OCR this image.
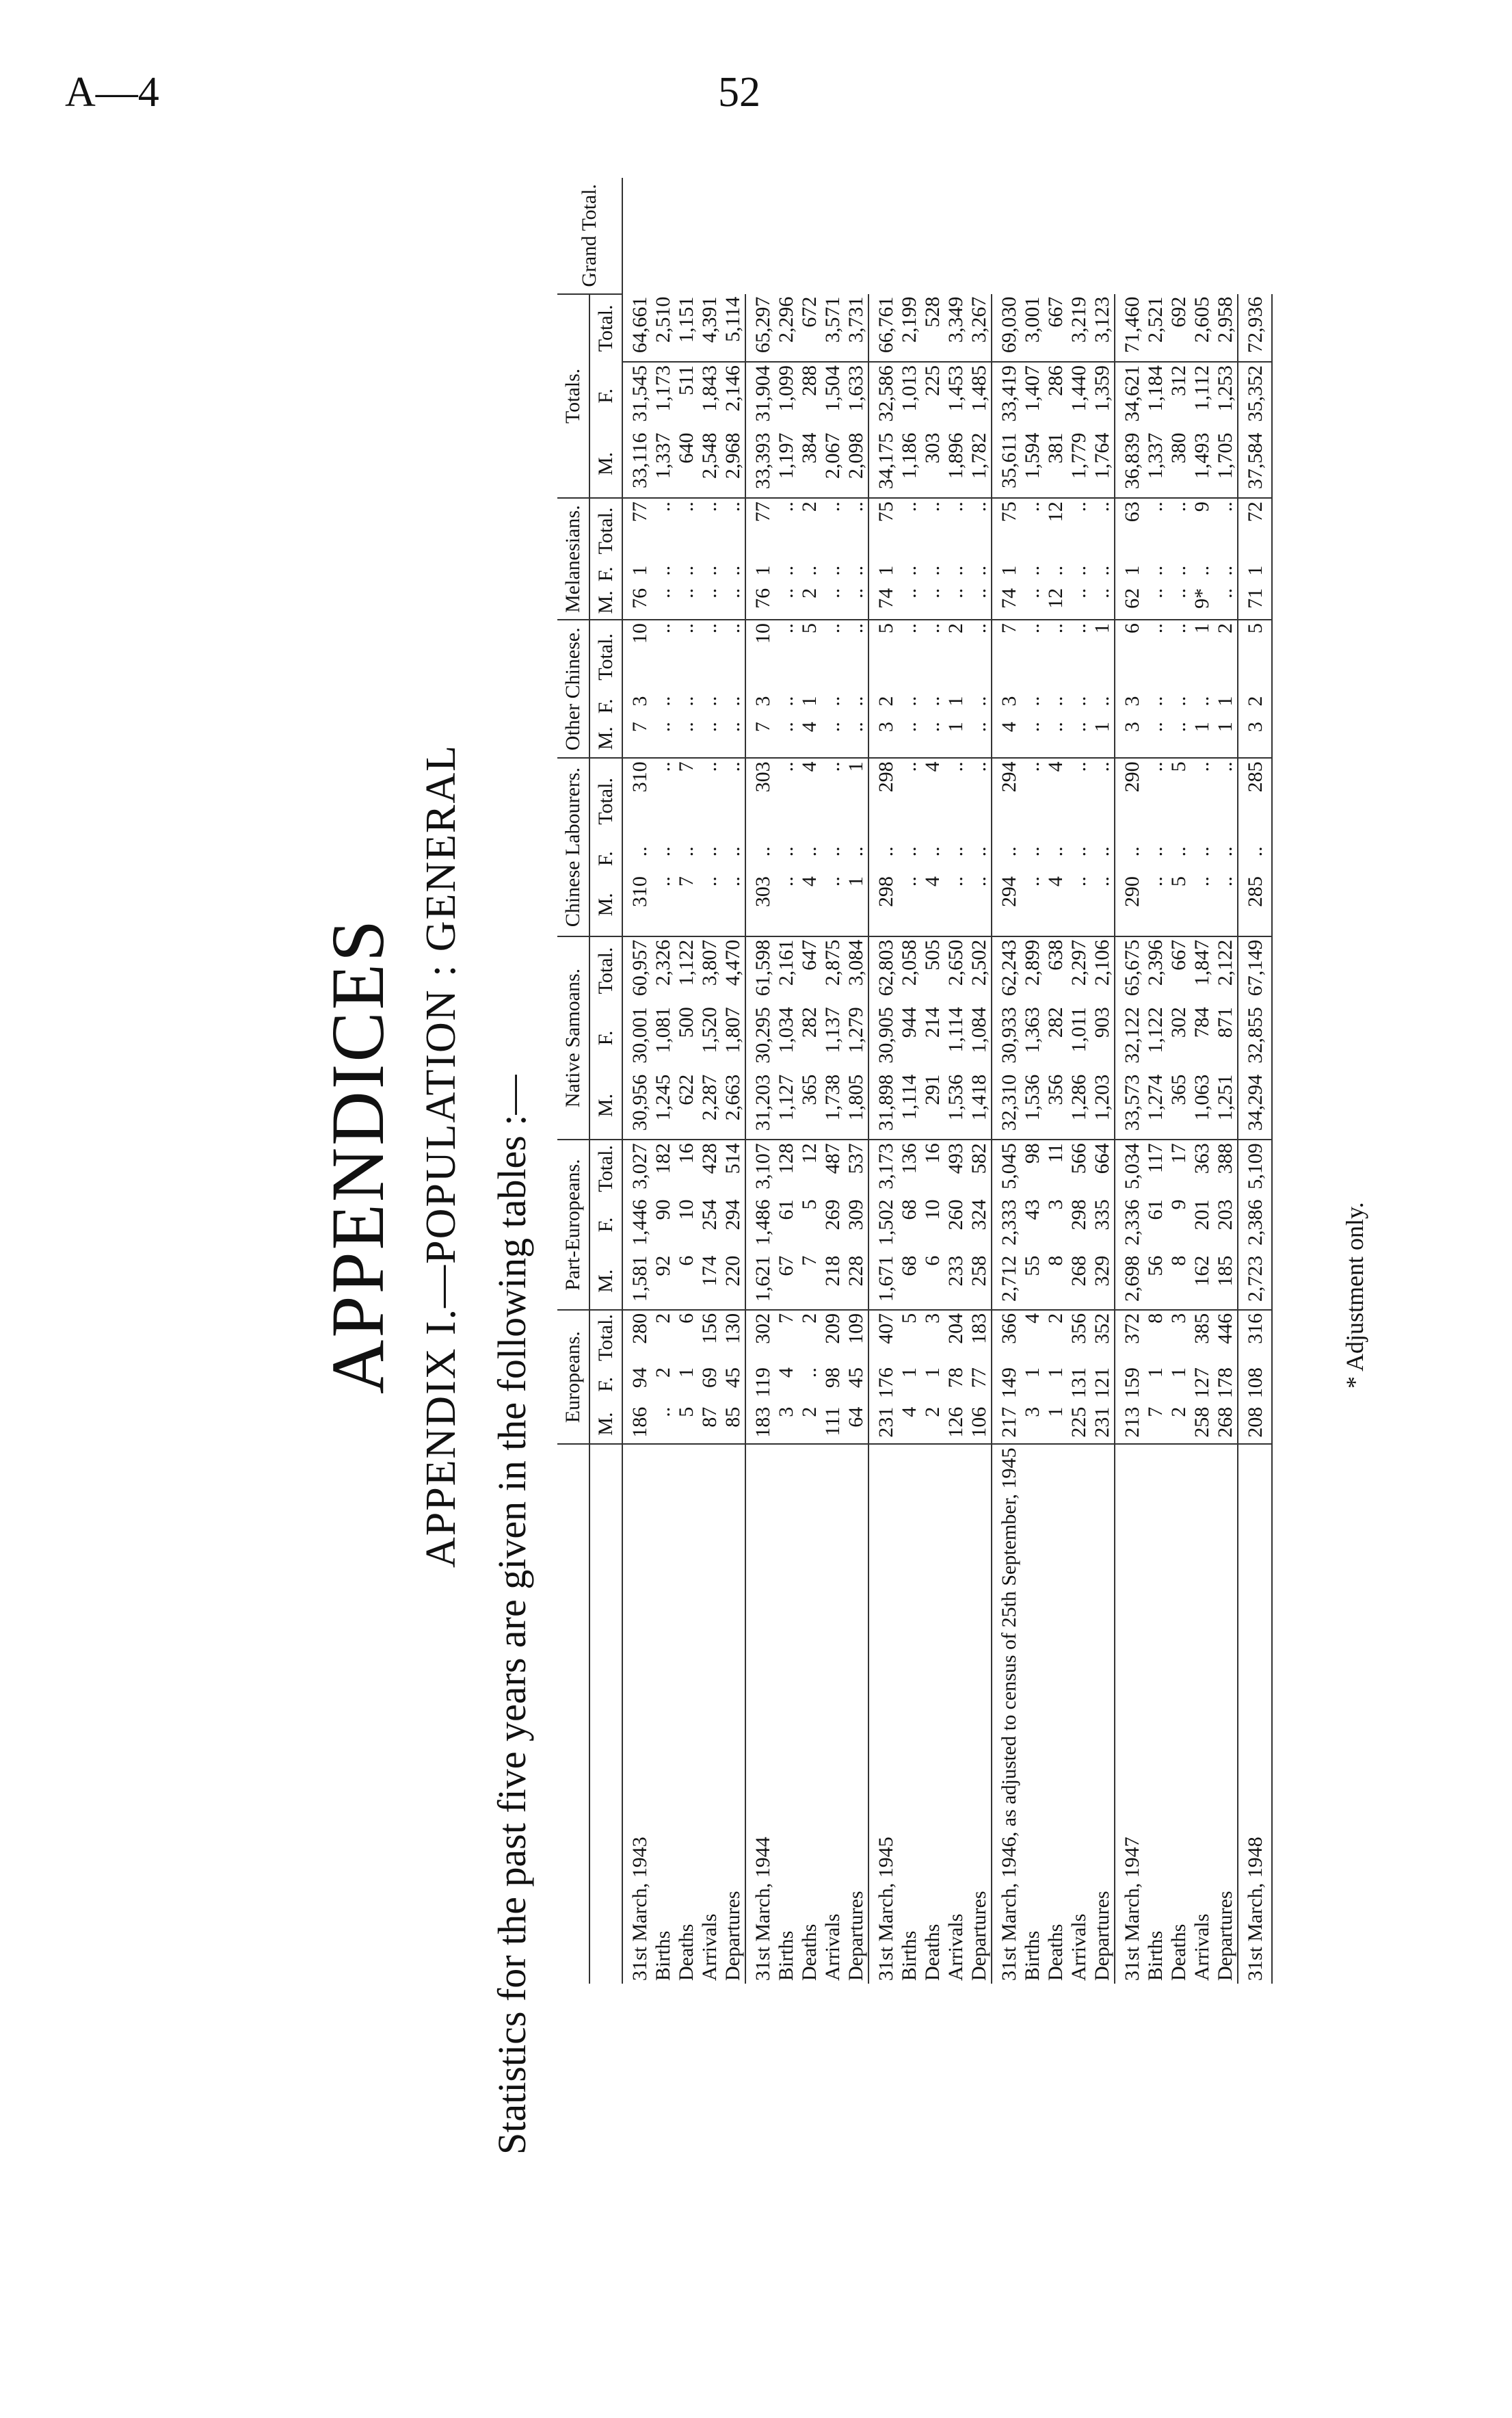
A—4	52
APPENDICES APPENDIX I.—POPULATION : GENERAL Statistics for the past five years are given in the following tables :—
	Europeans.			Part-Europeans.			Native Samoans.			Chinese Labourers.			Other Chinese.			Melanesians.			Totals.			Grand Total.
	M.	F.	Total.	M.	F.	Total.	M.	F.	Total.	M.	F.	Total.	M.	F.	Total.	M.	F.	Total.	M.	F.	Total.	
31st March, 1943	186	94	280	1,581	1,446	3,027	30,956	30,001	60,957	310	..	310	7	3	10	76	1	77	33,116	31,545	64,661	
Births	..	2	2	92	90	182	1,245	1,081	2,326	..	..	..	..	..	..	..	..	..	1,337	1,173	2,510	
Deaths	5	1	6	6	10	16	622	500	1,122	7	..	7	..	..	..	..	..	..	640	511	1,151	
Arrivals	87	69	156	174	254	428	2,287	1,520	3,807	..	..	..	..	..	..	..	..	..	2,548	1,843	4,391	
Departures	85	45	130	220	294	514	2,663	1,807	4,470	..	..	..	..	..	..	..	..	..	2,968	2,146	5,114	
31st March, 1944	183	119	302	1,621	1,486	3,107	31,203	30,295	61,598	303	..	303	7	3	10	76	1	77	33,393	31,904	65,297	
Births	3	4	7	67	61	128	1,127	1,034	2,161	..	..	..	..	..	..	..	..	..	1,197	1,099	2,296	
Deaths	2	..	2	7	5	12	365	282	647	4	..	4	4	1	5	2	..	2	384	288	672	
Arrivals	111	98	209	218	269	487	1,738	1,137	2,875	..	..	..	..	..	..	..	..	..	2,067	1,504	3,571	
Departures	64	45	109	228	309	537	1,805	1,279	3,084	1	..	1	..	..	..	..	..	..	2,098	1,633	3,731	
31st March, 1945	231	176	407	1,671	1,502	3,173	31,898	30,905	62,803	298	..	298	3	2	5	74	1	75	34,175	32,586	66,761	
Births	4	1	5	68	68	136	1,114	944	2,058	..	..	..	..	..	..	..	..	..	1,186	1,013	2,199	
Deaths	2	1	3	6	10	16	291	214	505	4	..	4	..	..	..	..	..	..	303	225	528	
Arrivals	126	78	204	233	260	493	1,536	1,114	2,650	..	..	..	1	1	2	..	..	..	1,896	1,453	3,349	
Departures	106	77	183	258	324	582	1,418	1,084	2,502	..	..	..	..	..	..	..	..	..	1,782	1,485	3,267	
31st March, 1946, as adjusted to census of 25th September, 1945	217	149	366	2,712	2,333	5,045	32,310	30,933	62,243	294	..	294	4	3	7	74	1	75	35,611	33,419	69,030	
Births	3	1	4	55	43	98	1,536	1,363	2,899	..	..	..	..	..	..	..	..	..	1,594	1,407	3,001	
Deaths	1	1	2	8	3	11	356	282	638	4	..	4	..	..	..	12	..	12	381	286	667	
Arrivals	225	131	356	268	298	566	1,286	1,011	2,297	..	..	..	..	..	..	..	..	..	1,779	1,440	3,219	
Departures	231	121	352	329	335	664	1,203	903	2,106	..	..	..	1	..	1	..	..	..	1,764	1,359	3,123	
31st March, 1947	213	159	372	2,698	2,336	5,034	33,573	32,122	65,675	290	..	290	3	3	6	62	1	63	36,839	34,621	71,460	
Births	7	1	8	56	61	117	1,274	1,122	2,396	..	..	..	..	..	..	..	..	..	1,337	1,184	2,521	
Deaths	2	1	3	8	9	17	365	302	667	5	..	5	..	..	..	..	..	..	380	312	692	
Arrivals	258	127	385	162	201	363	1,063	784	1,847	..	..	..	1	..	1	9*	..	9	1,493	1,112	2,605	
Departures	268	178	446	185	203	388	1,251	871	2,122	..	..	..	1	1	2	..	..	..	1,705	1,253	2,958	
31st March, 1948	208	108	316	2,723	2,386	5,109	34,294	32,855	67,149	285	..	285	3	2	5	71	1	72	37,584	35,352	72,936	
* Adjustment only.
